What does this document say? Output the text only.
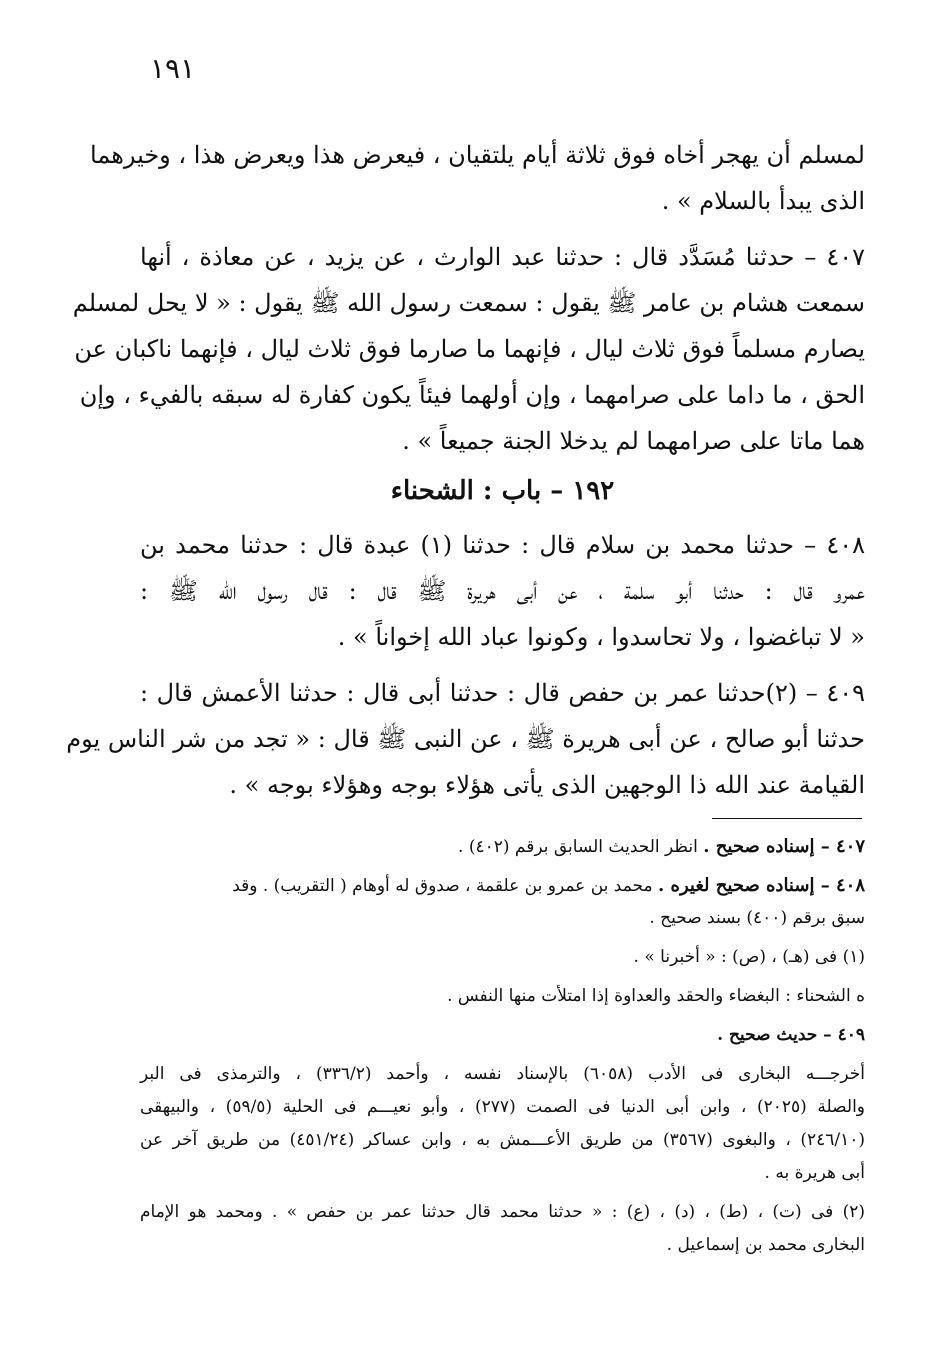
١٩١
لمسلم أن يهجر أخاه فوق ثلاثة أيام يلتقيان ، فيعرض هذا ويعرض هذا ، وخيرهما
الذى يبدأ بالسلام » .
٤٠٧ – حدثنا مُسَدَّد قال : حدثنا عبد الوارث ، عن يزيد ، عن معاذة ، أنها
سمعت هشام بن عامر ﷺ يقول : سمعت رسول الله ﷺ يقول : « لا يحل لمسلم
يصارم مسلماً فوق ثلاث ليال ، فإنهما ما صارما فوق ثلاث ليال ، فإنهما ناكبان عن
الحق ، ما داما على صرامهما ، وإن أولهما فيئاً يكون كفارة له سبقه بالفيء ، وإن
هما ماتا على صرامهما لم يدخلا الجنة جميعاً » .
١٩٢ – باب : الشحناء
٤٠٨ – حدثنا محمد بن سلام قال : حدثنا (١) عبدة قال : حدثنا محمد بن
عمرو قال : حدثنا أبو سلمة ، عن أبى هريرة ﷺ قال : قال رسول الله ﷺ :
« لا تباغضوا ، ولا تحاسدوا ، وكونوا عباد الله إخواناً » .
٤٠٩ – (٢)حدثنا عمر بن حفص قال : حدثنا أبى قال : حدثنا الأعمش قال :
حدثنا أبو صالح ، عن أبى هريرة ﷺ ، عن النبى ﷺ قال : « تجد من شر الناس يوم
القيامة عند الله ذا الوجهين الذى يأتى هؤلاء بوجه وهؤلاء بوجه » .
٤٠٧ – إسناده صحيح . انظر الحديث السابق برقم (٤٠٢) .
٤٠٨ – إسناده صحيح لغيره . محمد بن عمرو بن علقمة ، صدوق له أوهام ( التقريب) . وقد
سبق برقم (٤٠٠) بسند صحيح .
(١) فى (هـ) ، (ص) : « أخبرنا » .
ه الشحناء : البغضاء والحقد والعداوة إذا امتلأت منها النفس .
٤٠٩ – حديث صحيح .
أخرجـــه البخارى فى الأدب (٦٠٥٨) بالإسناد نفسه ، وأحمد (٣٣٦/٢) ، والترمذى فى البر
والصلة (٢٠٢٥) ، وابن أبى الدنيا فى الصمت (٢٧٧) ، وأبو نعيـــم فى الحلية (٥٩/٥) ، والبيهقى
(٢٤٦/١٠) ، والبغوى (٣٥٦٧) من طريق الأعـــمش به ، وابن عساكر (٤٥١/٢٤) من طريق آخر عن
أبى هريرة به .
(٢) فى (ت) ، (ط) ، (د) ، (ع) : « حدثنا محمد قال حدثنا عمر بن حفص » . ومحمد هو الإمام
البخارى محمد بن إسماعيل .
